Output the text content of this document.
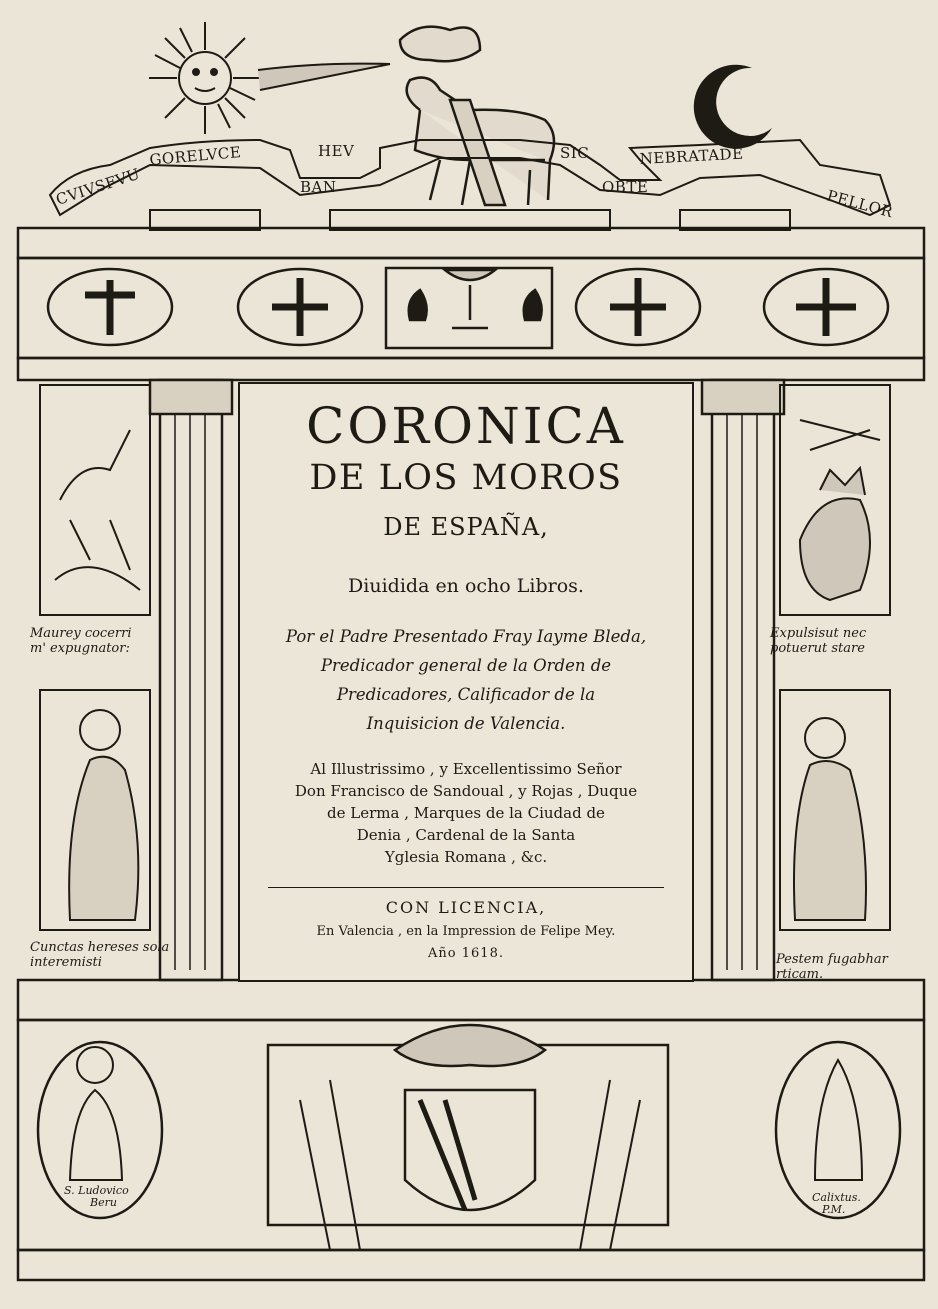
CVIVSFVU
GORELVCE	HEV
BAN
SIC
OBTE
NEBRATADE
PELLOR
Maurey cocerri
m' expugnator:
Expulsisut nec
potuerut stare
Cunctas hereses sola
interemisti	Pestem fugabhar
rticam.
S. Ludovico
Beru	Calixtus.
P.M.
CORONICA
DE LOS MOROS
DE ESPAÑA,
Diuidida en ocho Libros.
Por el Padre Presentado Fray Iayme Bleda,
Predicador general de la Orden de
Predicadores, Calificador de la
Inquisicion de Valencia.
Al Illustrissimo , y Excellentissimo Señor
Don Francisco de Sandoual , y Rojas , Duque
de Lerma , Marques de la Ciudad de
Denia , Cardenal de la Santa
Yglesia Romana , &c.
CON LICENCIA,
En Valencia , en la Impression de Felipe Mey.
Año 1618.
